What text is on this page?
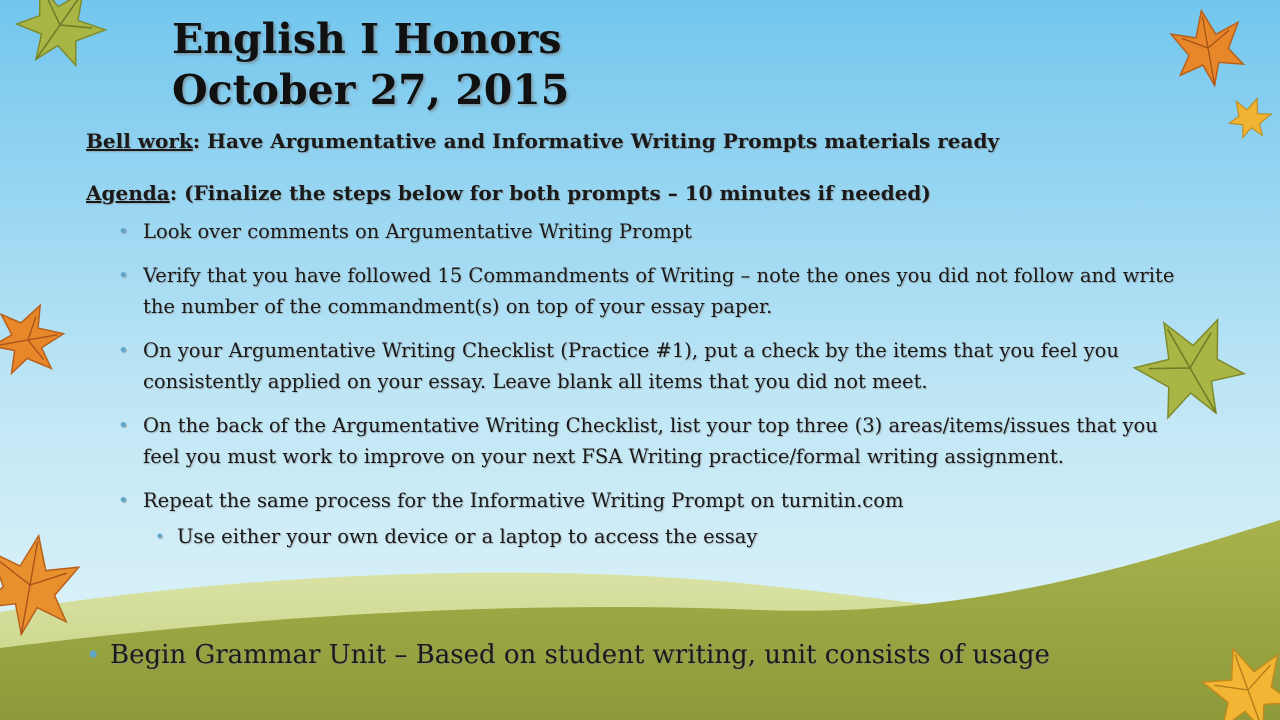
English I Honors
October 27, 2015

Bell work: Have Argumentative and Informative Writing Prompts materials ready

Agenda: (Finalize the steps below for both prompts – 10 minutes if needed)

• Look over comments on Argumentative Writing Prompt
• Verify that you have followed 15 Commandments of Writing – note the ones you did not follow and write the number of the commandment(s) on top of your essay paper.
• On your Argumentative Writing Checklist (Practice #1), put a check by the items that you feel you consistently applied on your essay. Leave blank all items that you did not meet.
• On the back of the Argumentative Writing Checklist, list your top three (3) areas/items/issues that you feel you must work to improve on your next FSA Writing practice/formal writing assignment.
• Repeat the same process for the Informative Writing Prompt on turnitin.com
• Use either your own device or a laptop to access the essay
• Begin Grammar Unit – Based on student writing, unit consists of usage
